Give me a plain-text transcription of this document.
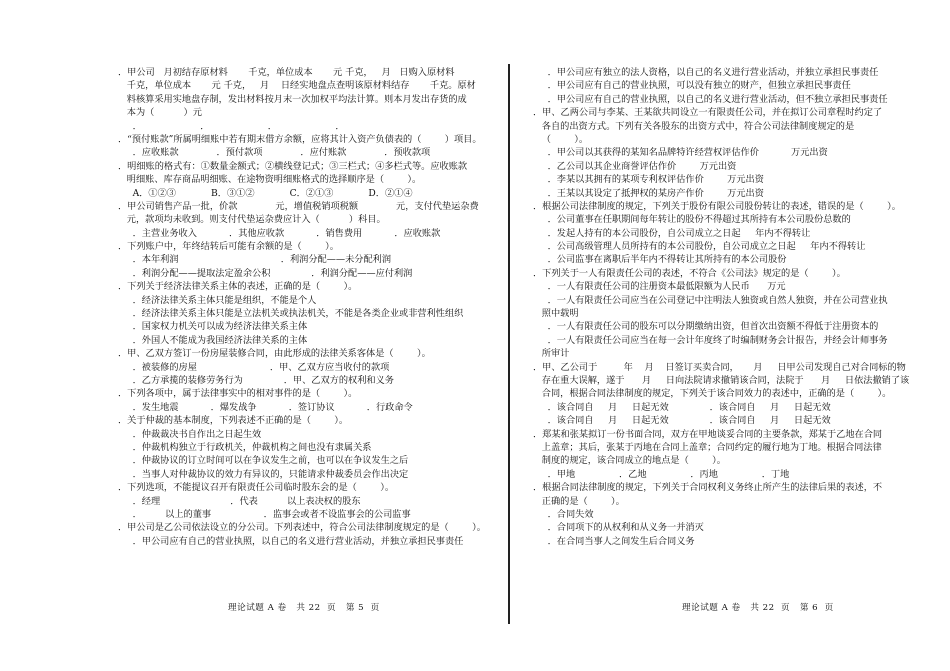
．甲公司   月初结存原材料       千克，单位成本       元 千克，   月   日购入原材料
千克，单位成本       元 千克，   月    日经实地盘点查明该原材料结存       千克。原材
料核算采用实地盘存制，发出材料按月末一次加权平均法计算。则本月发出存货的成
本为（          ）元
．                    ．                    ．                    ．
．“预付账款”所属明细账中若有期末借方余额，应将其计入资产负债表的（        ）项目。
．应收账款             ．预付款项             ．应付账款             ．预收款项
．明细账的格式有：①数量金额式；②横线登记式；③三栏式；④多栏式等。应收账款
明细账、库存商品明细账、在途物资明细账格式的选择顺序是（        ）。
A．①②③            B．③①②            C．②①③            D．②①④
．甲公司销售产品一批，价款             元，增值税销项税额             元，支付代垫运杂费
元，款项均未收到。则支付代垫运杂费应计入（          ）科目。
．主营业务收入           ．其他应收款           ．销售费用           ．应收账款
．下列账户中，年终结转后可能有余额的是（        ）。
．本年利润                                   ．利润分配——未分配利润
．利润分配——提取法定盈余公积              ．利润分配——应付利润
．下列关于经济法律关系主体的表述，正确的是（        ）。
．经济法律关系主体只能是组织，不能是个人
．经济法律关系主体只能是立法机关或执法机关，不能是各类企业或非营利性组织
．国家权力机关可以成为经济法律关系主体
．外国人不能成为我国经济法律关系的主体
．甲、乙双方签订一份房屋装修合同，由此形成的法律关系客体是（        ）。
．被装修的房屋                         ．甲、乙双方应当收付的款项
．乙方承揽的装修劳务行为              ．甲、乙双方的权利和义务
．下列各项中，属于法律事实中的相对事件的是（        ）。
．发生地震           ．爆发战争           ．签订协议           ．行政命令
．关于仲裁的基本制度，下列表述不正确的是（        ）。
．仲裁裁决书自作出之日起生效
．仲裁机构独立于行政机关，仲裁机构之间也没有隶属关系
．仲裁协议的订立时间可以在争议发生之前，也可以在争议发生之后
．当事人对仲裁协议的效力有异议的，只能请求仲裁委员会作出决定
．下列选项，不能提议召开有限责任公司临时股东会的是（        ）。
．经理                        ．代表          以上表决权的股东
．        以上的董事                  ．监事会或者不设监事会的公司监事
．甲公司是乙公司依法设立的分公司。下列表述中，符合公司法律制度规定的是（        ）。
．甲公司应有自己的营业执照，以自己的名义进行营业活动，并独立承担民事责任
．甲公司应有独立的法人资格，以自己的名义进行营业活动，并独立承担民事责任
．甲公司应有自己的营业执照，可以没有独立的财产，但独立承担民事责任
．甲公司应有自己的营业执照，以自己的名义进行营业活动，但不独立承担民事责任
．甲、乙两公司与李某、王某欲共同设立一有限责任公司，并在拟订公司章程时约定了
各自的出资方式。下列有关各股东的出资方式中，符合公司法律制度规定的是
（        ）。
．甲公司以其获得的某知名品牌特许经营权评估作价           万元出资
．乙公司以其企业商誉评估作价        万元出资
．李某以其拥有的某项专利权评估作价        万元出资
．王某以其设定了抵押权的某房产作价        万元出资
．根据公司法律制度的规定，下列关于股份有限公司股份转让的表述，错误的是（        ）。
．公司董事在任职期间每年转让的股份不得超过其所持有本公司股份总数的
．发起人持有的本公司股份，自公司成立之日起     年内不得转让
．公司高级管理人员所持有的本公司股份，自公司成立之日起     年内不得转让
．公司监事在离职后半年内不得转让其所持有的本公司股份
．下列关于一人有限责任公司的表述，不符合《公司法》规定的是（        ）。
．一人有限责任公司的注册资本最低限额为人民币      万元
．一人有限责任公司应当在公司登记中注明法人独资或自然人独资，并在公司营业执
照中载明
．一人有限责任公司的股东可以分期缴纳出资，但首次出资额不得低于注册资本的
．一人有限责任公司应当在每一会计年度终了时编制财务会计报告，并经会计师事务
所审计
．甲、乙公司于         年    月    日签订买卖合同，     月     日甲公司发现自己对合同标的物
存在重大误解，遂于      月     日向法院请求撤销该合同，法院于      月     日依法撤销了该
合同，根据合同法律制度的规定，下列关于该合同效力的表述中，正确的是（        ）。
．该合同自     月     日起无效              ．该合同自     月     日起无效
．该合同自     月     日起无效              ．该合同自     月     日起无效
．郑某和张某拟订一份书面合同，双方在甲地谈妥合同的主要条款，郑某于乙地在合同
上盖章；其后，张某于丙地在合同上盖章；合同约定的履行地为丁地。根据合同法律
制度的规定，该合同成立的地点是（        ）。
．甲地               ．乙地               ．丙地               ．丁地
．根据合同法律制度的规定，下列关于合同权利义务终止所产生的法律后果的表述，不
正确的是（        ）。
．合同失效
．合同项下的从权利和从义务一并消灭
．在合同当事人之间发生后合同义务
理论试题 A 卷   共 22  页   第 5  页	理论试题 A 卷   共 22  页   第 6  页
